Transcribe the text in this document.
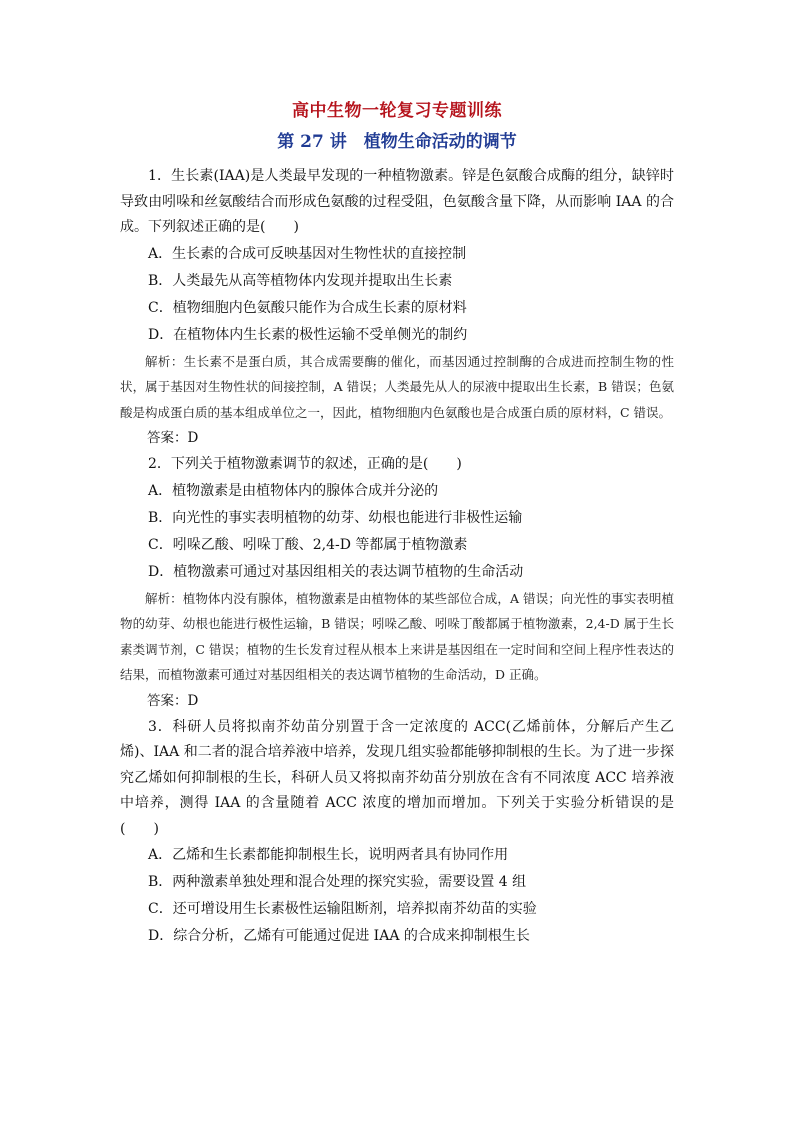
高中生物一轮复习专题训练
第 27 讲　植物生命活动的调节

1．生长素(IAA)是人类最早发现的一种植物激素。锌是色氨酸合成酶的组分，缺锌时导致由吲哚和丝氨酸结合而形成色氨酸的过程受阻，色氨酸含量下降，从而影响 IAA 的合成。下列叙述正确的是(　　)

A．生长素的合成可反映基因对生物性状的直接控制

B．人类最先从高等植物体内发现并提取出生长素

C．植物细胞内色氨酸只能作为合成生长素的原材料

D．在植物体内生长素的极性运输不受单侧光的制约

解析：生长素不是蛋白质，其合成需要酶的催化，而基因通过控制酶的合成进而控制生物的性状，属于基因对生物性状的间接控制，A 错误；人类最先从人的尿液中提取出生长素，B 错误；色氨酸是构成蛋白质的基本组成单位之一，因此，植物细胞内色氨酸也是合成蛋白质的原材料，C 错误。

答案：D

2．下列关于植物激素调节的叙述，正确的是(　　)

A．植物激素是由植物体内的腺体合成并分泌的

B．向光性的事实表明植物的幼芽、幼根也能进行非极性运输

C．吲哚乙酸、吲哚丁酸、2,4-D 等都属于植物激素

D．植物激素可通过对基因组相关的表达调节植物的生命活动

解析：植物体内没有腺体，植物激素是由植物体的某些部位合成，A 错误；向光性的事实表明植物的幼芽、幼根也能进行极性运输，B 错误；吲哚乙酸、吲哚丁酸都属于植物激素，2,4-D 属于生长素类调节剂，C 错误；植物的生长发育过程从根本上来讲是基因组在一定时间和空间上程序性表达的结果，而植物激素可通过对基因组相关的表达调节植物的生命活动，D 正确。

答案：D

3．科研人员将拟南芥幼苗分别置于含一定浓度的 ACC(乙烯前体，分解后产生乙烯)、IAA 和二者的混合培养液中培养，发现几组实验都能够抑制根的生长。为了进一步探究乙烯如何抑制根的生长，科研人员又将拟南芥幼苗分别放在含有不同浓度 ACC 培养液中培养，测得 IAA 的含量随着 ACC 浓度的增加而增加。下列关于实验分析错误的是(　　)

A．乙烯和生长素都能抑制根生长，说明两者具有协同作用

B．两种激素单独处理和混合处理的探究实验，需要设置 4 组

C．还可增设用生长素极性运输阻断剂，培养拟南芥幼苗的实验

D．综合分析，乙烯有可能通过促进 IAA 的合成来抑制根生长
